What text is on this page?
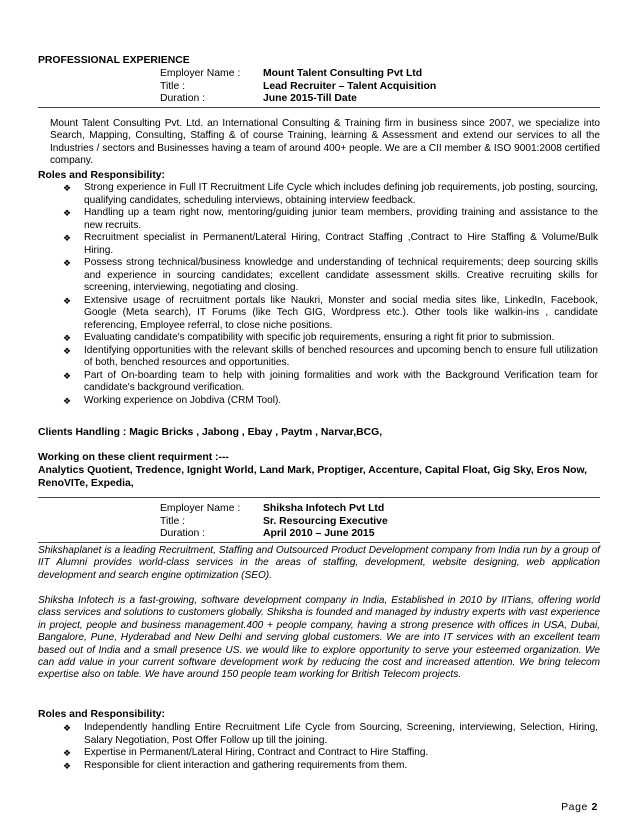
PROFESSIONAL EXPERIENCE
Employer Name :	Mount Talent Consulting Pvt Ltd
Title :	Lead Recruiter – Talent Acquisition
Duration :	June 2015-Till Date
Mount Talent Consulting Pvt. Ltd. an International Consulting & Training firm in business since 2007, we specialize into Search, Mapping, Consulting, Staffing & of course Training, learning & Assessment and extend our services to all the Industries / sectors and Businesses having a team of around 400+ people. We are a CII member & ISO 9001:2008 certified company.
Roles and Responsibility:
❖ Strong experience in Full IT Recruitment Life Cycle which includes defining job requirements, job posting, sourcing, qualifying candidates, scheduling interviews, obtaining interview feedback.
❖ Handling up a team right now, mentoring/guiding junior team members, providing training and assistance to the new recruits.
❖ Recruitment specialist in Permanent/Lateral Hiring, Contract Staffing ,Contract to Hire Staffing & Volume/Bulk Hiring.
❖ Possess strong technical/business knowledge and understanding of technical requirements; deep sourcing skills and experience in sourcing candidates; excellent candidate assessment skills. Creative recruiting skills for screening, interviewing, negotiating and closing.
❖ Extensive usage of recruitment portals like Naukri, Monster and social media sites like, LinkedIn, Facebook, Google (Meta search), IT Forums (like Tech GIG, Wordpress etc.). Other tools like walkin-ins , candidate referencing, Employee referral, to close niche positions.
❖ Evaluating candidate's compatibility with specific job requirements, ensuring a right fit prior to submission.
❖ Identifying opportunities with the relevant skills of benched resources and upcoming bench to ensure full utilization of both, benched resources and opportunities.
❖ Part of On-boarding team to help with joining formalities and work with the Background Verification team for candidate's background verification.
❖ Working experience on Jobdiva (CRM Tool).
Clients Handling : Magic Bricks , Jabong , Ebay , Paytm , Narvar,BCG,
Working on these client requirment :---
Analytics Quotient, Tredence, Ignight World, Land Mark, Proptiger, Accenture, Capital Float, Gig Sky, Eros Now, RenoVITe, Expedia,
Employer Name :	Shiksha Infotech Pvt Ltd
Title :	Sr. Resourcing Executive
Duration :	April 2010 – June 2015
Shikshaplanet is a leading Recruitment, Staffing and Outsourced Product Development company from India run by a group of IIT Alumni provides world-class services in the areas of staffing, development, website designing, web application development and search engine optimization (SEO).
Shiksha Infotech is a fast-growing, software development company in India, Established in 2010 by IITians, offering world class services and solutions to customers globally. Shiksha is founded and managed by industry experts with vast experience in project, people and business management.400 + people company, having a strong presence with offices in USA, Dubai, Bangalore, Pune, Hyderabad and New Delhi and serving global customers. We are into IT services with an excellent team based out of India and a small presence US. we would like to explore opportunity to serve your esteemed organization. We can add value in your current software development work by reducing the cost and increased attention. We bring telecom expertise also on table. We have around 150 people team working for British Telecom projects.
Roles and Responsibility:
❖ Independently handling Entire Recruitment Life Cycle from Sourcing, Screening, interviewing, Selection, Hiring, Salary Negotiation, Post Offer Follow up till the joining.
❖ Expertise in Permanent/Lateral Hiring, Contract and Contract to Hire Staffing.
❖ Responsible for client interaction and gathering requirements from them.
Page 2
